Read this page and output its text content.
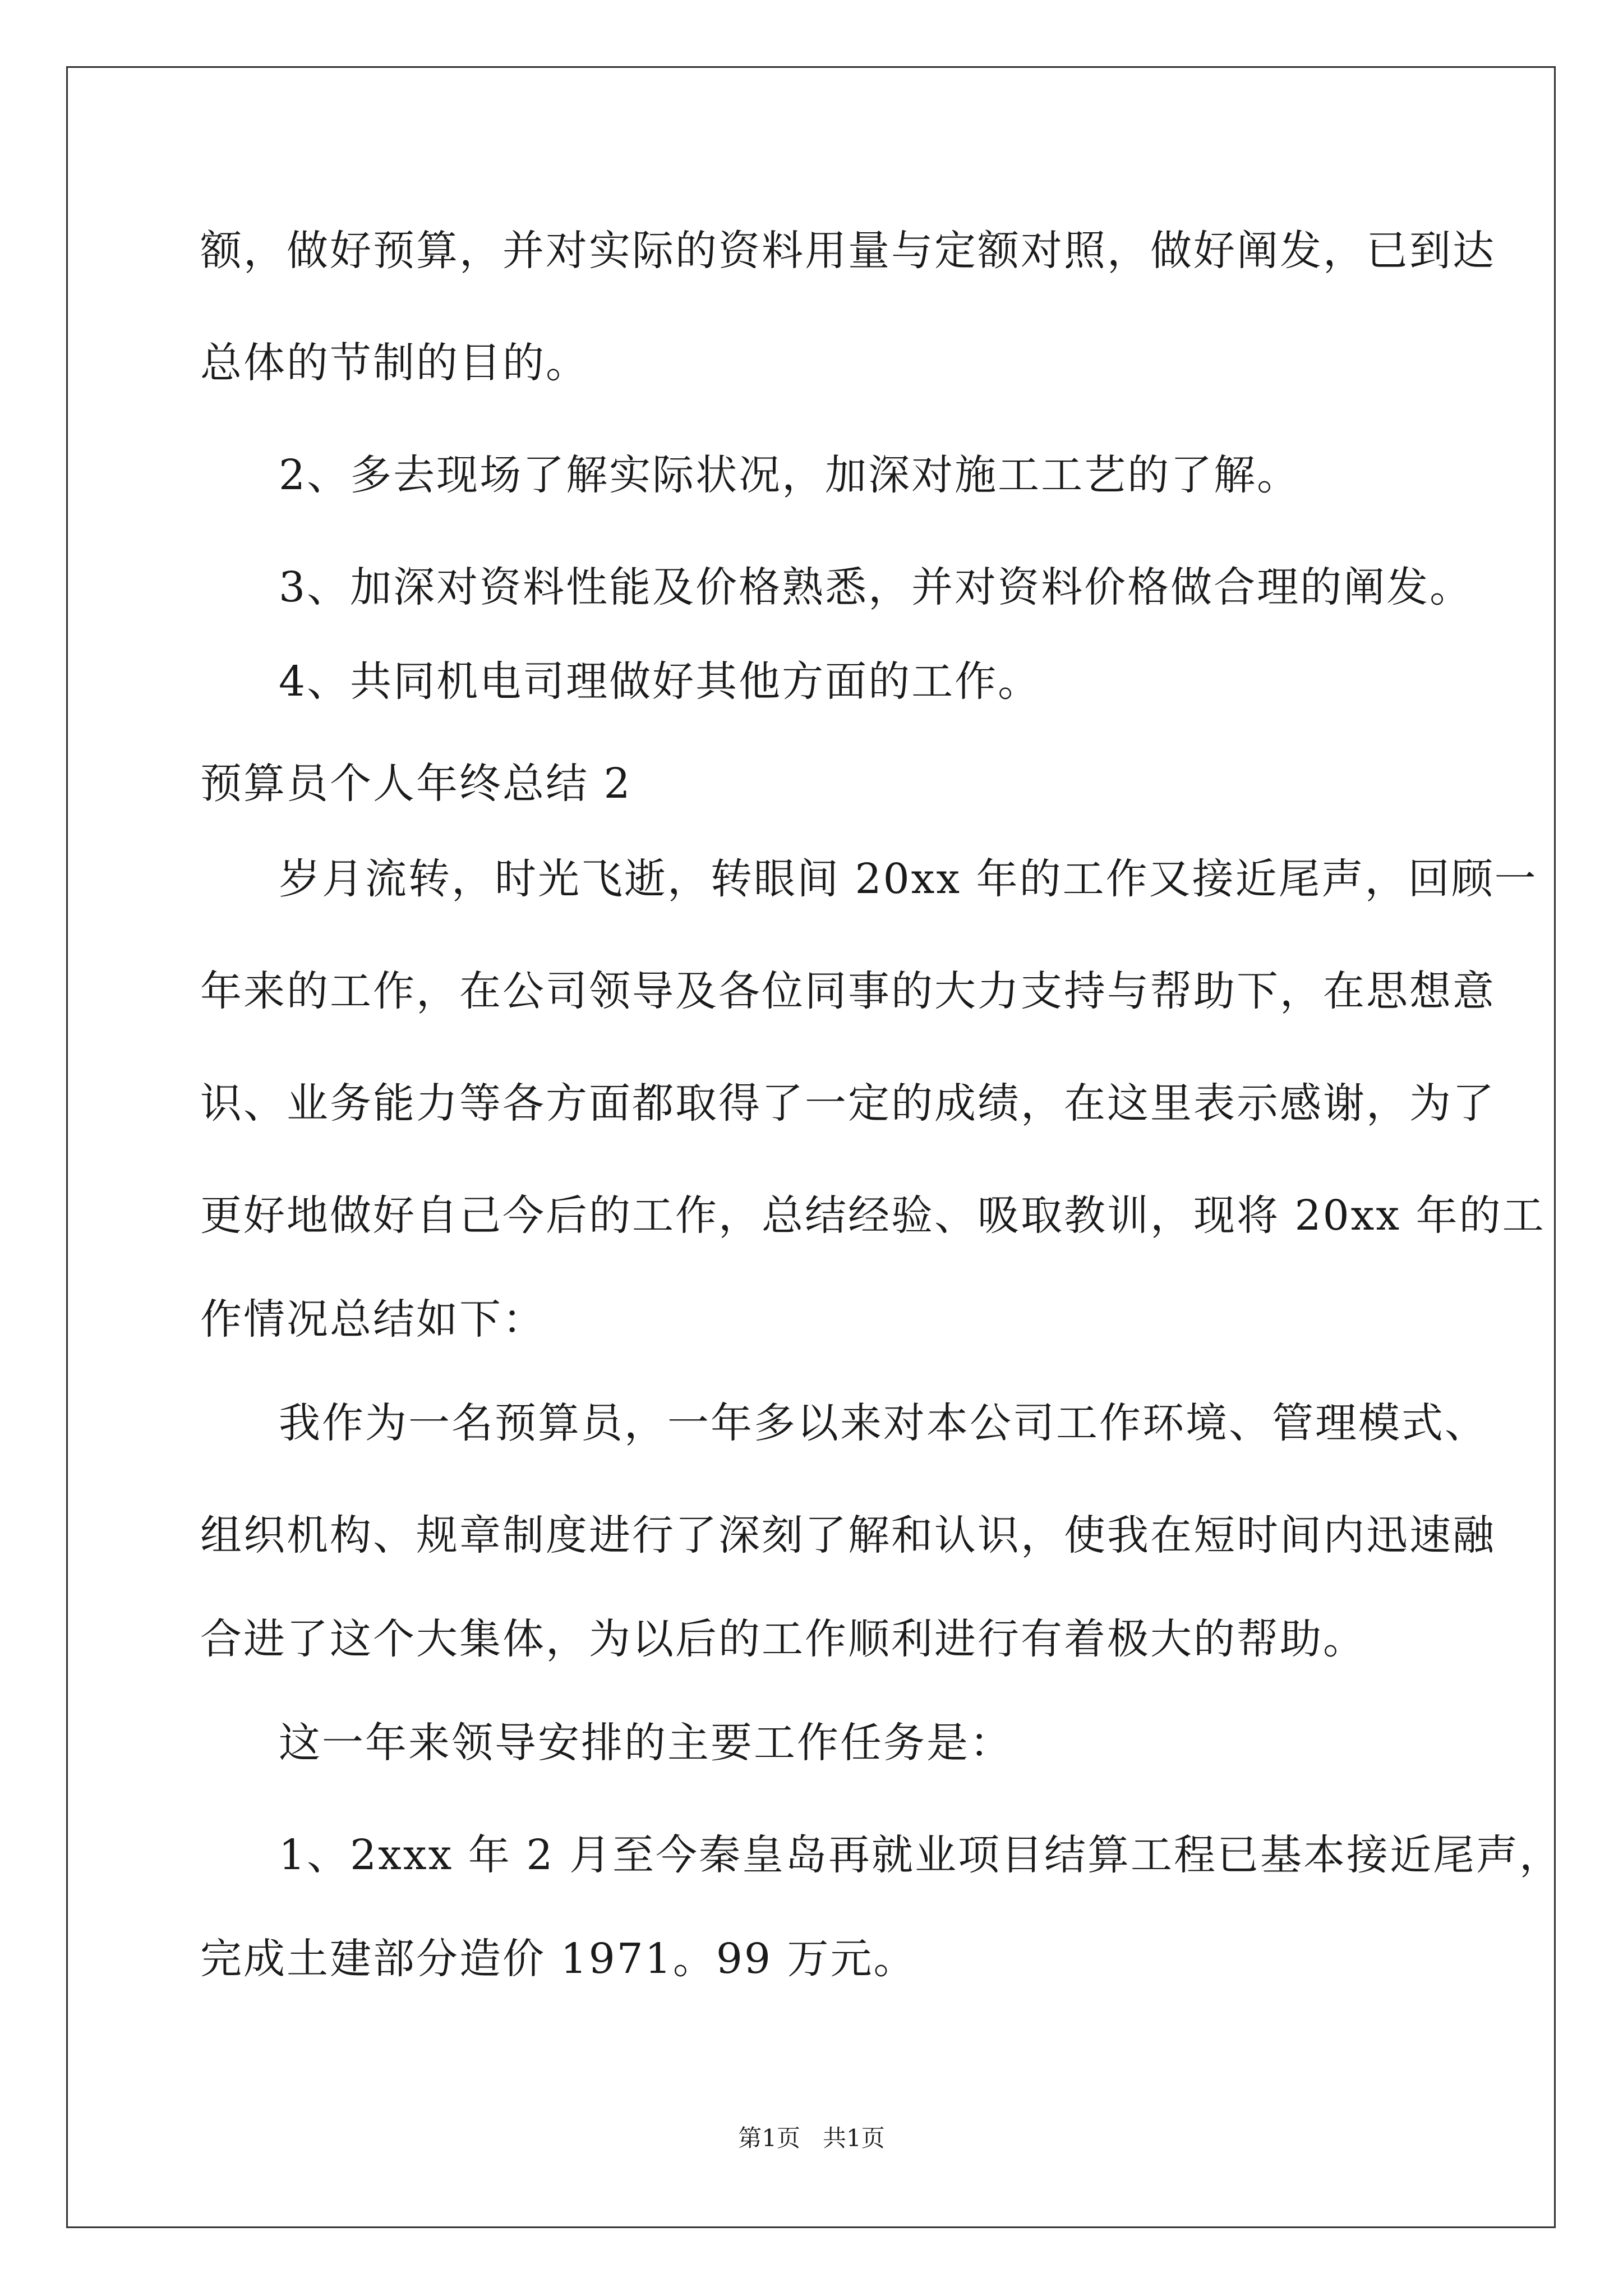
额，做好预算，并对实际的资料用量与定额对照，做好阐发，已到达
总体的节制的目的。
2、多去现场了解实际状况，加深对施工工艺的了解。
3、加深对资料性能及价格熟悉，并对资料价格做合理的阐发。
4、共同机电司理做好其他方面的工作。
预算员个人年终总结 2
岁月流转，时光飞逝，转眼间 20xx 年的工作又接近尾声，回顾一
年来的工作，在公司领导及各位同事的大力支持与帮助下，在思想意
识、业务能力等各方面都取得了一定的成绩，在这里表示感谢，为了
更好地做好自己今后的工作，总结经验、吸取教训，现将 20xx 年的工
作情况总结如下：
我作为一名预算员，一年多以来对本公司工作环境、管理模式、
组织机构、规章制度进行了深刻了解和认识，使我在短时间内迅速融
合进了这个大集体，为以后的工作顺利进行有着极大的帮助。
这一年来领导安排的主要工作任务是：
1、2xxx 年 2 月至今秦皇岛再就业项目结算工程已基本接近尾声，
完成土建部分造价 1971。99 万元。
第1页   共1页
